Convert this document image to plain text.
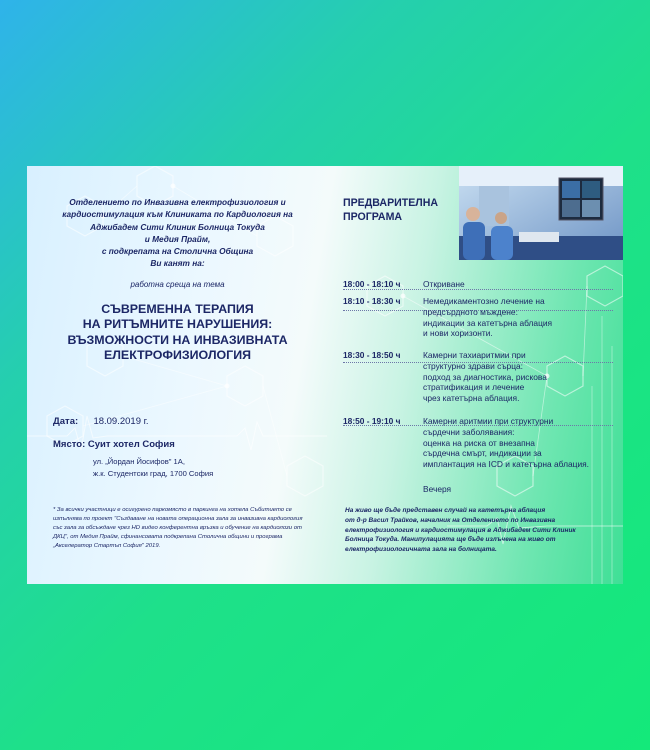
Отделението по Инвазивна електрофизиология и
кардиостимулация към Клиниката по Кардиология на
Аджибадем Сити Клиник Болница Токуда
и Медия Прайм,
с подкрепата на Столична Община
Ви канят на:
работна среща на тема
СЪВРЕМЕННА ТЕРАПИЯ
НА РИТЪМНИТЕ НАРУШЕНИЯ:
ВЪЗМОЖНОСТИ НА ИНВАЗИВНАТА
ЕЛЕКТРОФИЗИОЛОГИЯ
Дата: 18.09.2019 г.
Място: Суит хотел София
ул. „Йордан Йосифов" 1А,
ж.к. Студентски град, 1700 София
* За всички участници е осигурено паркомясто в паркинга на хотела Събитието се изпълнява по проект "Създаване на новата операционна зала за инвазивна кардиология със зала за обсъждане чрез HD видео конферентна връзка и обучение на кардиолози от ДКЦ", от Медия Прайм, сфинансовата подкрепана Столична общини и програма „Акселератор Стартъп София" 2019.
ПРЕДВАРИТЕЛНА
ПРОГРАМА
18:00 - 18:10 ч	Откриване
18:10 - 18:30 ч	Немедикаментозно лечение на
предсърдното мъждене:
индикации за катетърна аблация
и нови хоризонти.
18:30 - 18:50 ч	Камерни тахиаритмии при
структурно здрави сърца:
подход за диагностика, рискова
стратификация и лечение
чрез катетърна аблация.
18:50 - 19:10 ч	Камерни аритмии при структурни
сърдечни заболявания:
оценка на риска от внезапна
сърдечна смърт, индикации за
имплантация на ICD и катетърна аблация.
Вечеря
На живо ще бъде представен случай на катетърна аблация
от д-р Васил Трайков, началник на Отделението по Инвазивна
електрофизиология и кардиостимулация в Аджибадем Сити Клиник
Болница Токуда. Манипулацията ще бъде излъчена на живо от
електрофизиологичната зала на болницата.
